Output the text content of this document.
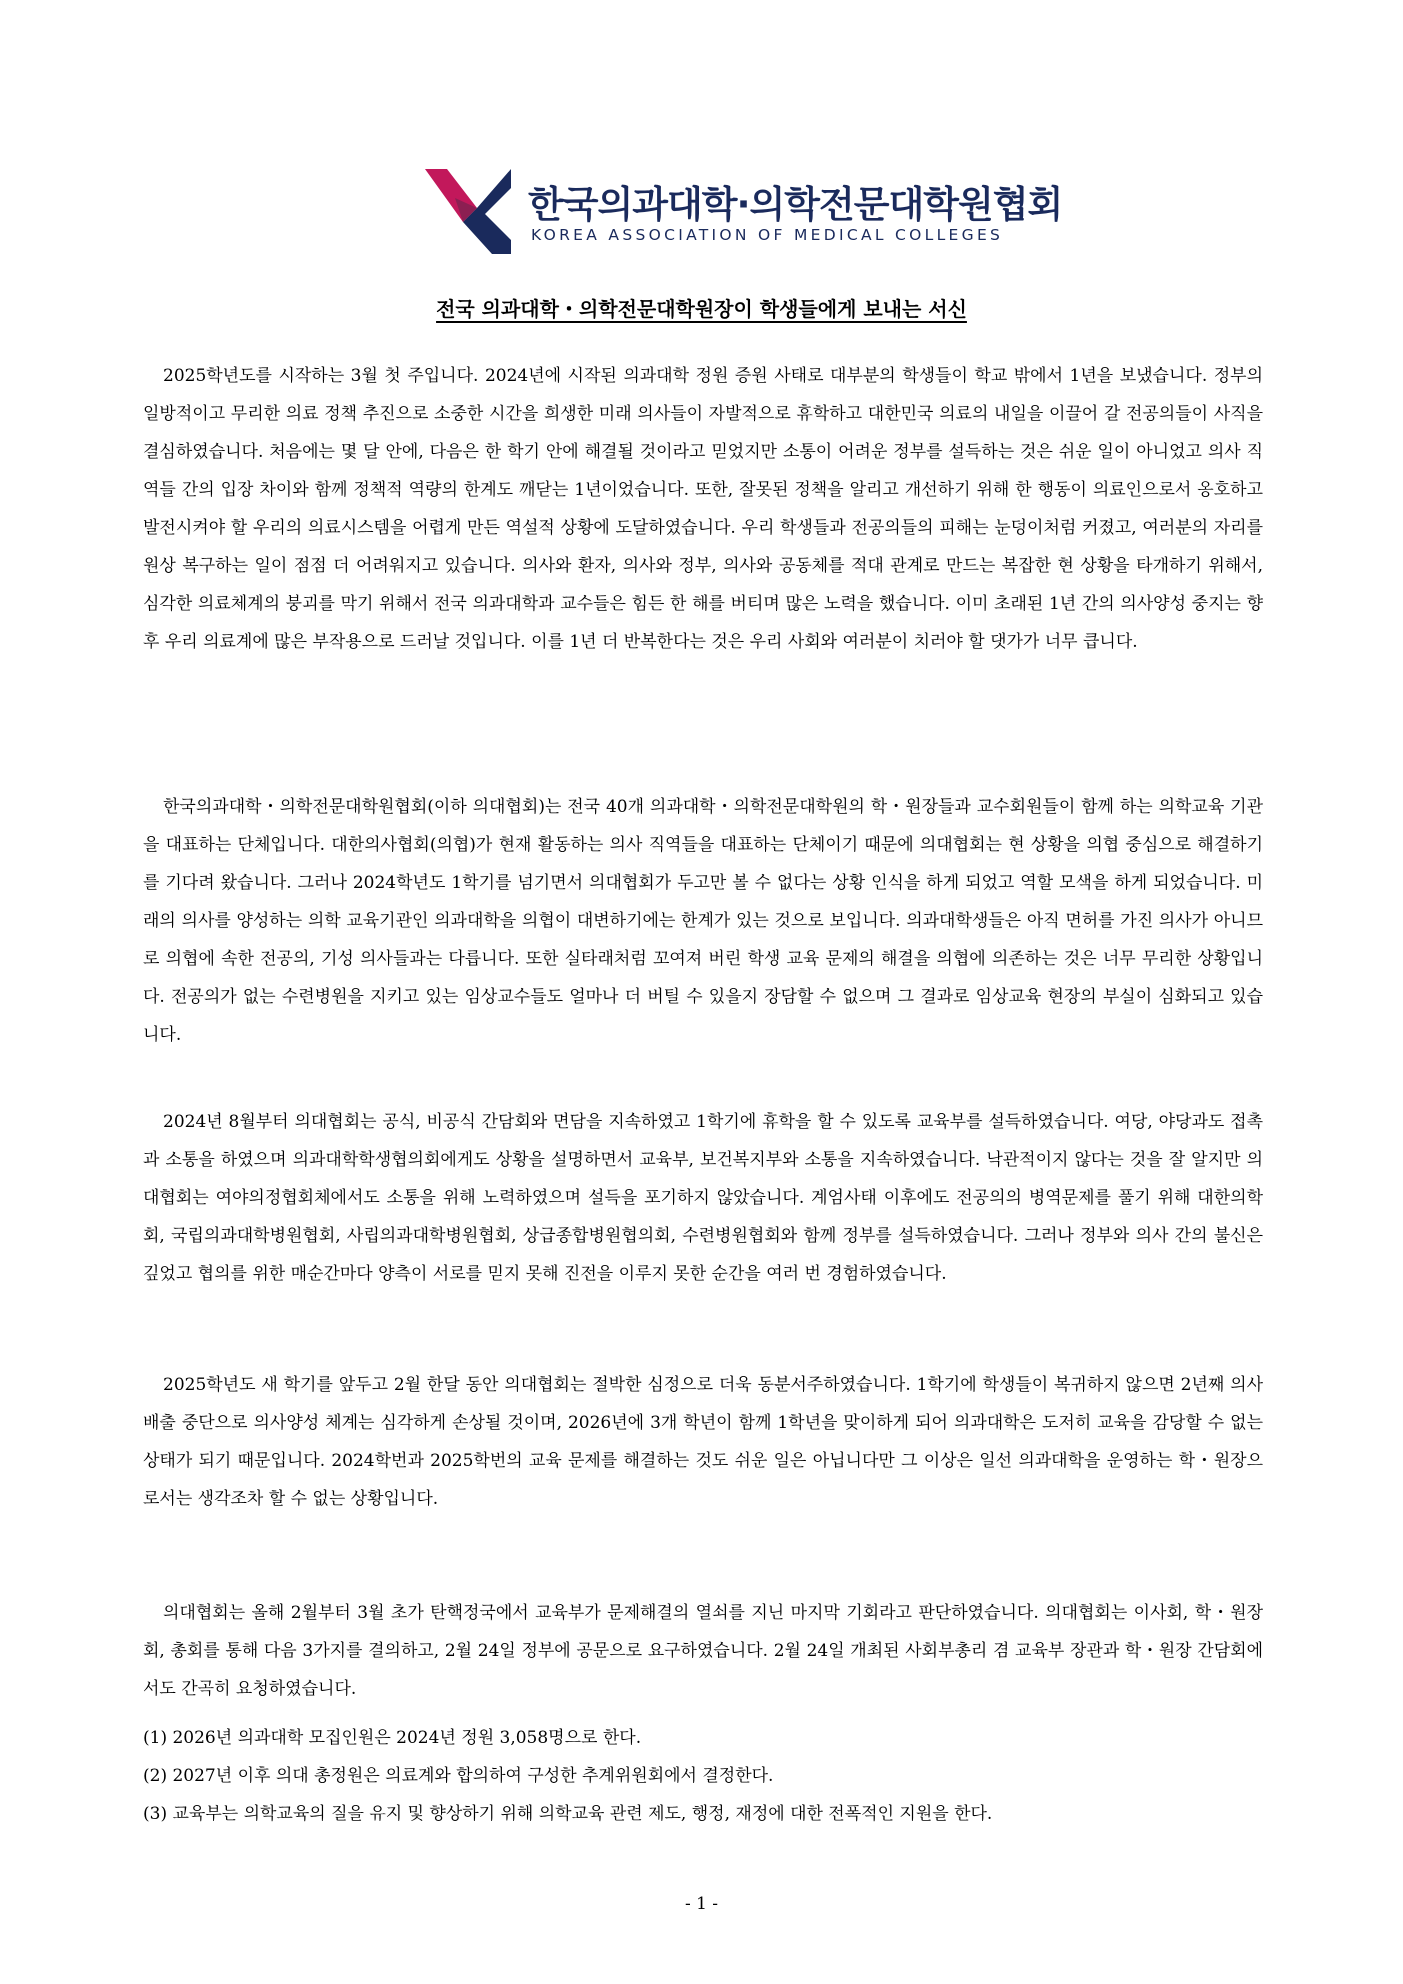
한국의과대학·의학전문대학원협회
KOREA ASSOCIATION OF MEDICAL COLLEGES
전국 의과대학・의학전문대학원장이 학생들에게 보내는 서신

2025학년도를 시작하는 3월 첫 주입니다. 2024년에 시작된 의과대학 정원 증원 사태로 대부분의 학생들이 학교 밖에서 1년을 보냈습니다. 정부의 일방적이고 무리한 의료 정책 추진으로 소중한 시간을 희생한 미래 의사들이 자발적으로 휴학하고 대한민국 의료의 내일을 이끌어 갈 전공의들이 사직을 결심하였습니다. 처음에는 몇 달 안에, 다음은 한 학기 안에 해결될 것이라고 믿었지만 소통이 어려운 정부를 설득하는 것은 쉬운 일이 아니었고 의사 직역들 간의 입장 차이와 함께 정책적 역량의 한계도 깨닫는 1년이었습니다. 또한, 잘못된 정책을 알리고 개선하기 위해 한 행동이 의료인으로서 옹호하고 발전시켜야 할 우리의 의료시스템을 어렵게 만든 역설적 상황에 도달하였습니다. 우리 학생들과 전공의들의 피해는 눈덩이처럼 커졌고, 여러분의 자리를 원상 복구하는 일이 점점 더 어려워지고 있습니다. 의사와 환자, 의사와 정부, 의사와 공동체를 적대 관계로 만드는 복잡한 현 상황을 타개하기 위해서, 심각한 의료체계의 붕괴를 막기 위해서 전국 의과대학과 교수들은 힘든 한 해를 버티며 많은 노력을 했습니다. 이미 초래된 1년 간의 의사양성 중지는 향후 우리 의료계에 많은 부작용으로 드러날 것입니다. 이를 1년 더 반복한다는 것은 우리 사회와 여러분이 치러야 할 댓가가 너무 큽니다.

한국의과대학・의학전문대학원협회(이하 의대협회)는 전국 40개 의과대학・의학전문대학원의 학・원장들과 교수회원들이 함께 하는 의학교육 기관을 대표하는 단체입니다. 대한의사협회(의협)가 현재 활동하는 의사 직역들을 대표하는 단체이기 때문에 의대협회는 현 상황을 의협 중심으로 해결하기를 기다려 왔습니다. 그러나 2024학년도 1학기를 넘기면서 의대협회가 두고만 볼 수 없다는 상황 인식을 하게 되었고 역할 모색을 하게 되었습니다. 미래의 의사를 양성하는 의학 교육기관인 의과대학을 의협이 대변하기에는 한계가 있는 것으로 보입니다. 의과대학생들은 아직 면허를 가진 의사가 아니므로 의협에 속한 전공의, 기성 의사들과는 다릅니다. 또한 실타래처럼 꼬여져 버린 학생 교육 문제의 해결을 의협에 의존하는 것은 너무 무리한 상황입니다. 전공의가 없는 수련병원을 지키고 있는 임상교수들도 얼마나 더 버틸 수 있을지 장담할 수 없으며 그 결과로 임상교육 현장의 부실이 심화되고 있습니다.

2024년 8월부터 의대협회는 공식, 비공식 간담회와 면담을 지속하였고 1학기에 휴학을 할 수 있도록 교육부를 설득하였습니다. 여당, 야당과도 접촉과 소통을 하였으며 의과대학학생협의회에게도 상황을 설명하면서 교육부, 보건복지부와 소통을 지속하였습니다. 낙관적이지 않다는 것을 잘 알지만 의대협회는 여야의정협회체에서도 소통을 위해 노력하였으며 설득을 포기하지 않았습니다. 계엄사태 이후에도 전공의의 병역문제를 풀기 위해 대한의학회, 국립의과대학병원협회, 사립의과대학병원협회, 상급종합병원협의회, 수련병원협회와 함께 정부를 설득하였습니다. 그러나 정부와 의사 간의 불신은 깊었고 협의를 위한 매순간마다 양측이 서로를 믿지 못해 진전을 이루지 못한 순간을 여러 번 경험하였습니다.

2025학년도 새 학기를 앞두고 2월 한달 동안 의대협회는 절박한 심정으로 더욱 동분서주하였습니다. 1학기에 학생들이 복귀하지 않으면 2년째 의사 배출 중단으로 의사양성 체계는 심각하게 손상될 것이며, 2026년에 3개 학년이 함께 1학년을 맞이하게 되어 의과대학은 도저히 교육을 감당할 수 없는 상태가 되기 때문입니다. 2024학번과 2025학번의 교육 문제를 해결하는 것도 쉬운 일은 아닙니다만 그 이상은 일선 의과대학을 운영하는 학・원장으로서는 생각조차 할 수 없는 상황입니다.

의대협회는 올해 2월부터 3월 초가 탄핵정국에서 교육부가 문제해결의 열쇠를 지닌 마지막 기회라고 판단하였습니다. 의대협회는 이사회, 학・원장회, 총회를 통해 다음 3가지를 결의하고, 2월 24일 정부에 공문으로 요구하였습니다. 2월 24일 개최된 사회부총리 겸 교육부 장관과 학・원장 간담회에서도 간곡히 요청하였습니다.

(1) 2026년 의과대학 모집인원은 2024년 정원 3,058명으로 한다.

(2) 2027년 이후 의대 총정원은 의료계와 합의하여 구성한 추계위원회에서 결정한다.

(3) 교육부는 의학교육의 질을 유지 및 향상하기 위해 의학교육 관련 제도, 행정, 재정에 대한 전폭적인 지원을 한다.

- 1 -
